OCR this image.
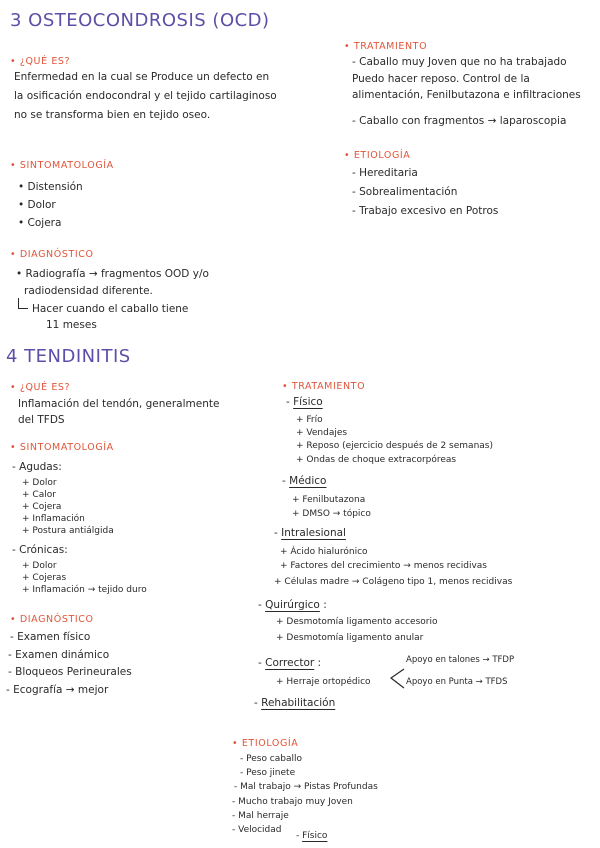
3 OSTEOCONDROSIS (OCD)
• ¿QUÉ ES?
Enfermedad en la cual se Produce un defecto en la osificación endocondral y el tejido cartilaginoso no se transforma bien en tejido oseo.
• SINTOMATOLOGÍA
• Distensión
• Dolor
• Cojera
• DIAGNÓSTICO
• Radiografía → fragmentos OOD y/o
radiodensidad diferente.
Hacer cuando el caballo tiene
11 meses
• TRATAMIENTO
- Caballo muy Joven que no ha trabajado Puedo hacer reposo. Control de la alimentación, Fenilbutazona e infiltraciones
- Caballo con fragmentos → laparoscopia
• ETIOLOGÍA
- Hereditaria
- Sobrealimentación
- Trabajo excesivo en Potros
4 TENDINITIS
• ¿QUÉ ES?
Inflamación del tendón, generalmente del TFDS
• SINTOMATOLOGÍA
- Agudas:
+ Dolor
+ Calor
+ Cojera
+ Inflamación
+ Postura antiálgida
- Crónicas:
+ Dolor
+ Cojeras
+ Inflamación → tejido duro
• DIAGNÓSTICO
- Examen físico
- Examen dinámico
- Bloqueos Perineurales
- Ecografía → mejor
• TRATAMIENTO
- Físico
+ Frío
+ Vendajes
+ Reposo (ejercicio después de 2 semanas)
+ Ondas de choque extracorpóreas
- Médico
+ Fenilbutazona
+ DMSO → tópico
- Intralesional
+ Ácido hialurónico
+ Factores del crecimiento → menos recidivas
+ Células madre → Colágeno tipo 1, menos recidivas
- Quirúrgico :
+ Desmotomía ligamento accesorio
+ Desmotomía ligamento anular
- Corrector :
+ Herraje ortopédico
Apoyo en talones → TFDP
Apoyo en Punta → TFDS
- Rehabilitación
• ETIOLOGÍA
- Peso caballo
- Peso jinete
- Mal trabajo → Pistas Profundas
- Mucho trabajo muy Joven
- Mal herraje
- Velocidad
- Físico
